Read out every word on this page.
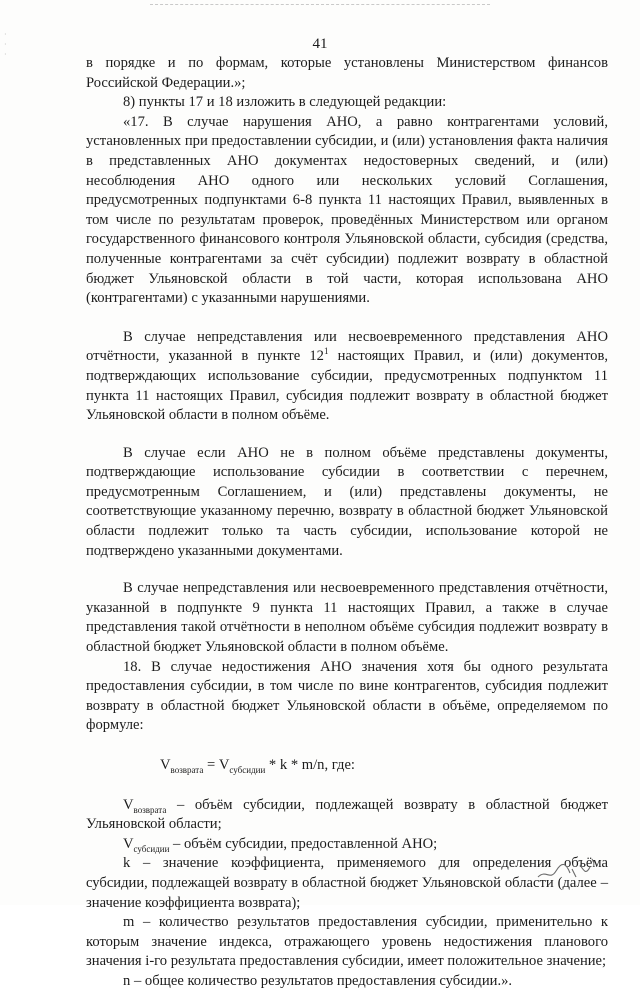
·
·
·
41

в порядке и по формам, которые установлены Министерством финансов Российской Федерации.»;

8) пункты 17 и 18 изложить в следующей редакции:

«17. В случае нарушения АНО, а равно контрагентами условий, установленных при предоставлении субсидии, и (или) установления факта наличия в представленных АНО документах недостоверных сведений, и (или) несоблюдения АНО одного или нескольких условий Соглашения, предусмотренных подпунктами 6-8 пункта 11 настоящих Правил, выявленных в том числе по результатам проверок, проведённых Министерством или органом государственного финансового контроля Ульяновской области, субсидия (средства, полученные контрагентами за счёт субсидии) подлежит возврату в областной бюджет Ульяновской области в той части, которая использована АНО (контрагентами) с указанными нарушениями.

В случае непредставления или несвоевременного представления АНО отчётности, указанной в пункте $12^1$ настоящих Правил, и (или) документов, подтверждающих использование субсидии, предусмотренных подпунктом 11 пункта 11 настоящих Правил, субсидия подлежит возврату в областной бюджет Ульяновской области в полном объёме.

В случае если АНО не в полном объёме представлены документы, подтверждающие использование субсидии в соответствии с перечнем, предусмотренным Соглашением, и (или) представлены документы, не соответствующие указанному перечню, возврату в областной бюджет Ульяновской области подлежит только та часть субсидии, использование которой не подтверждено указанными документами.

В случае непредставления или несвоевременного представления отчётности, указанной в подпункте 9 пункта 11 настоящих Правил, а также в случае представления такой отчётности в неполном объёме субсидия подлежит возврату в областной бюджет Ульяновской области в полном объёме.

18. В случае недостижения АНО значения хотя бы одного результата предоставления субсидии, в том числе по вине контрагентов, субсидия подлежит возврату в областной бюджет Ульяновской области в объёме, определяемом по формуле:

$V_{возврата} = V_{субсидии} * k * m/n$, где:

$V_{возврата}$ – объём субсидии, подлежащей возврату в областной бюджет Ульяновской области;

$V_{субсидии}$ – объём субсидии, предоставленной АНО;

k – значение коэффициента, применяемого для определения объёма субсидии, подлежащей возврату в областной бюджет Ульяновской области (далее – значение коэффициента возврата);

m – количество результатов предоставления субсидии, применительно к которым значение индекса, отражающего уровень недостижения планового значения i-го результата предоставления субсидии, имеет положительное значение;

n – общее количество результатов предоставления субсидии.».
